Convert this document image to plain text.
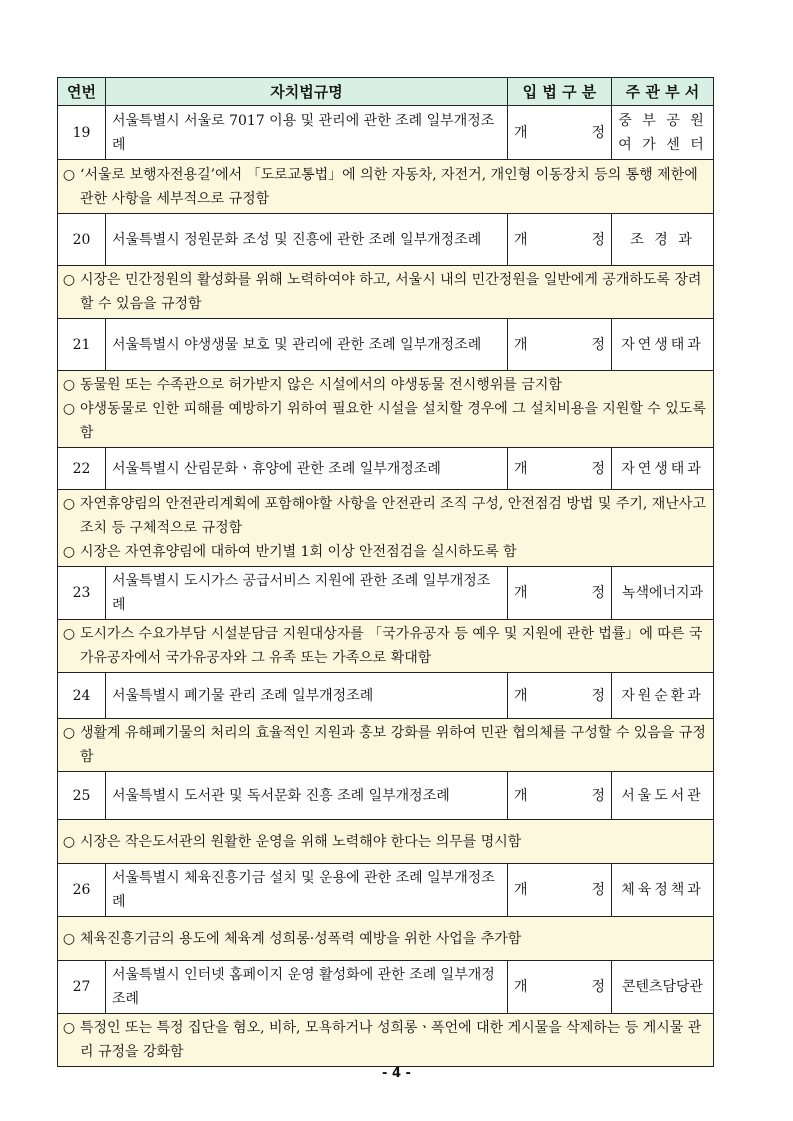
연번	자치법규명	입 법 구 분	주 관 부 서
19	서울특별시 서울로 7017 이용 및 관리에 관한 조례 일부개정조례	개 정	중 부 공 원 여 가 센 터

○ ‘서울로 보행자전용길’에서 「도로교통법」에 의한 자동차, 자전거, 개인형 이동장치 등의 통행 제한에 관한 사항을 세부적으로 규정함			

20	서울특별시 정원문화 조성 및 진흥에 관한 조례 일부개정조례	개 정	조 경 과

○ 시장은 민간정원의 활성화를 위해 노력하여야 하고, 서울시 내의 민간정원을 일반에게 공개하도록 장려할 수 있음을 규정함			

21	서울특별시 야생생물 보호 및 관리에 관한 조례 일부개정조례	개 정	자연생태과

○ 동물원 또는 수족관으로 허가받지 않은 시설에서의 야생동물 전시행위를 금지함
○ 야생동물로 인한 피해를 예방하기 위하여 필요한 시설을 설치할 경우에 그 설치비용을 지원할 수 있도록 함			

22	서울특별시 산림문화ㆍ휴양에 관한 조례 일부개정조례	개 정	자연생태과

○ 자연휴양림의 안전관리계획에 포함해야할 사항을 안전관리 조직 구성, 안전점검 방법 및 주기, 재난사고 조치 등 구체적으로 규정함
○ 시장은 자연휴양림에 대하여 반기별 1회 이상 안전점검을 실시하도록 함			

23	서울특별시 도시가스 공급서비스 지원에 관한 조례 일부개정조례	개 정	녹색에너지과

○ 도시가스 수요가부담 시설분담금 지원대상자를 「국가유공자 등 예우 및 지원에 관한 법률」에 따른 국가유공자에서 국가유공자와 그 유족 또는 가족으로 확대함			

24	서울특별시 폐기물 관리 조례 일부개정조례	개 정	자원순환과

○ 생활계 유해폐기물의 처리의 효율적인 지원과 홍보 강화를 위하여 민관 협의체를 구성할 수 있음을 규정함			

25	서울특별시 도서관 및 독서문화 진흥 조례 일부개정조례	개 정	서울도서관

○ 시장은 작은도서관의 원활한 운영을 위해 노력해야 한다는 의무를 명시함			

26	서울특별시 체육진흥기금 설치 및 운용에 관한 조례 일부개정조례	개 정	체육정책과

○ 체육진흥기금의 용도에 체육계 성희롱·성폭력 예방을 위한 사업을 추가함			

27	서울특별시 인터넷 홈페이지 운영 활성화에 관한 조례 일부개정조례	개 정	콘텐츠담당관

○ 특정인 또는 특정 집단을 혐오, 비하, 모욕하거나 성희롱ㆍ폭언에 대한 게시물을 삭제하는 등 게시물 관리 규정을 강화함			
- 4 -
